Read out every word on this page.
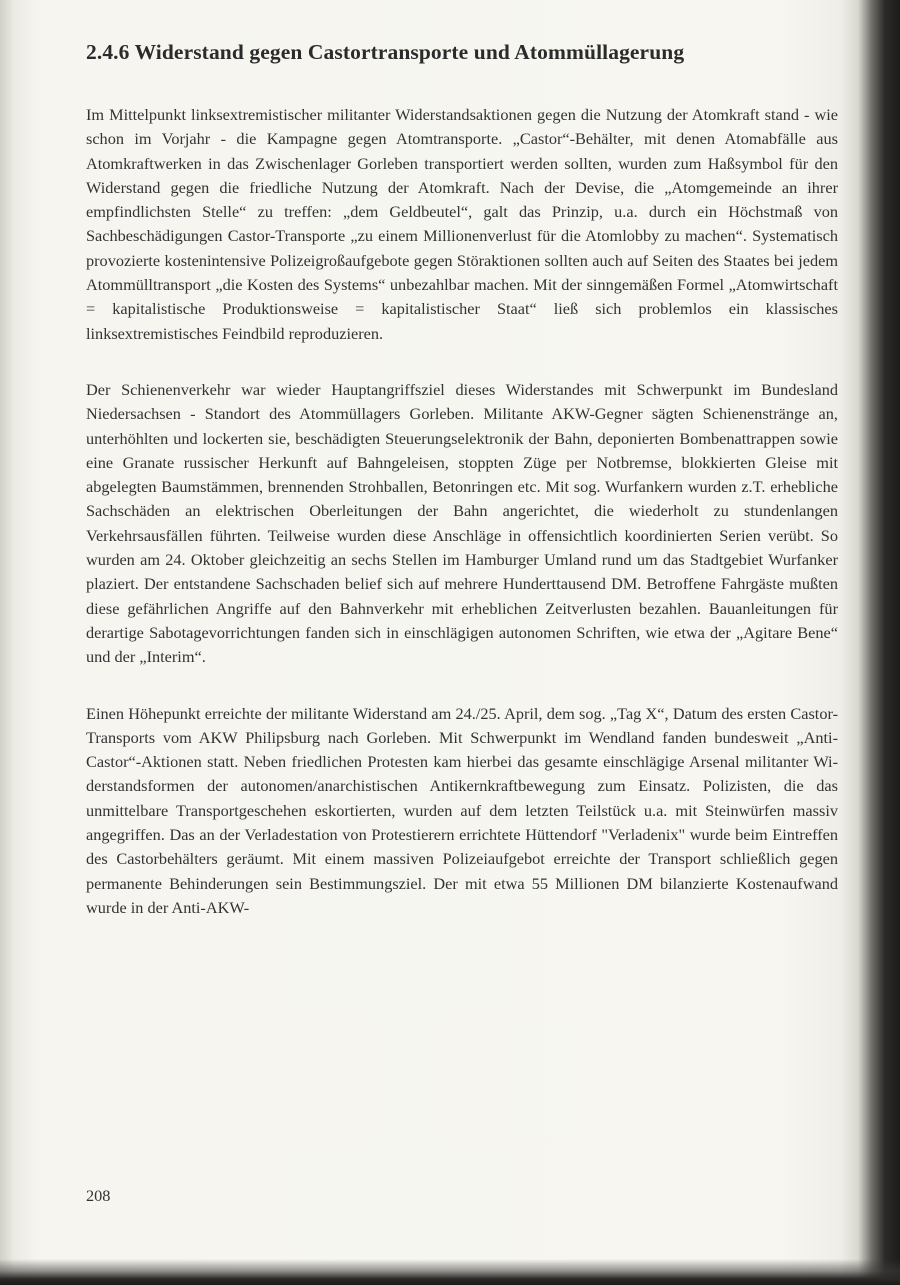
2.4.6 Widerstand gegen Castortransporte und Atommüllagerung

Im Mittelpunkt linksextremistischer militanter Widerstandsaktionen gegen die Nutzung der Atomkraft stand - wie schon im Vorjahr - die Kampagne gegen Atomtransporte. „Castor“-Behälter, mit denen Atomabfälle aus Atomkraftwerken in das Zwischenlager Gorleben transportiert werden sollten, wurden zum Haßsymbol für den Widerstand gegen die friedliche Nutzung der Atomkraft. Nach der Devise, die „Atomgemeinde an ihrer empfindlichsten Stelle“ zu treffen: „dem Geldbeutel“, galt das Prinzip, u.a. durch ein Höchstmaß von Sachbeschädigungen Castor-Transporte „zu einem Millionenverlust für die Atomlobby zu machen“. Systematisch provozierte kostenintensive Polizeigroßaufgebote gegen Störaktionen sollten auch auf Seiten des Staates bei jedem Atommülltransport „die Kosten des Systems“ unbezahlbar machen. Mit der sinngemäßen Formel „Atomwirtschaft = kapitalistische Produktionsweise = kapitalistischer Staat“ ließ sich problemlos ein klassisches linksextremistisches Feindbild reproduzieren.

Der Schienenverkehr war wieder Hauptangriffsziel dieses Widerstandes mit Schwerpunkt im Bundesland Niedersachsen - Standort des Atommüllagers Gorleben. Militante AKW-Gegner sägten Schienenstränge an, unterhöhlten und lockerten sie, beschädigten Steuerungselektronik der Bahn, deponierten Bombenattrappen sowie eine Granate russischer Herkunft auf Bahngeleisen, stoppten Züge per Notbremse, blokkierten Gleise mit abgelegten Baumstämmen, brennenden Strohballen, Betonringen etc. Mit sog. Wurfankern wurden z.T. erhebliche Sachschäden an elektrischen Oberleitungen der Bahn angerichtet, die wiederholt zu stundenlangen Verkehrsausfällen führten. Teilweise wurden diese Anschläge in offensichtlich koordinierten Serien verübt. So wurden am 24. Oktober gleichzeitig an sechs Stellen im Hamburger Umland rund um das Stadtgebiet Wurfanker plaziert. Der entstandene Sachschaden belief sich auf mehrere Hunderttausend DM. Betroffene Fahrgäste mußten diese gefährlichen Angriffe auf den Bahnverkehr mit erheblichen Zeitverlusten bezahlen. Bauanleitungen für derartige Sabotagevorrichtungen fanden sich in einschlägigen autonomen Schriften, wie etwa der „Agitare Bene“ und der „Interim“.

Einen Höhepunkt erreichte der militante Widerstand am 24./25. April, dem sog. „Tag X“, Datum des ersten Castor-Transports vom AKW Philipsburg nach Gorleben. Mit Schwerpunkt im Wendland fanden bundesweit „Anti-Castor“-Aktionen statt. Neben friedlichen Protesten kam hierbei das gesamte einschlägige Arsenal militanter Widerstandsformen der autonomen/anarchistischen Antikernkraftbewegung zum Einsatz. Polizisten, die das unmittelbare Transportgeschehen eskortierten, wurden auf dem letzten Teilstück u.a. mit Steinwürfen massiv angegriffen. Das an der Verladestation von Protestierern errichtete Hüttendorf "Verladenix" wurde beim Eintreffen des Castorbehälters geräumt. Mit einem massiven Polizeiaufgebot erreichte der Transport schließlich gegen permanente Behinderungen sein Bestimmungsziel. Der mit etwa 55 Millionen DM bilanzierte Kostenaufwand wurde in der Anti-AKW-

208
